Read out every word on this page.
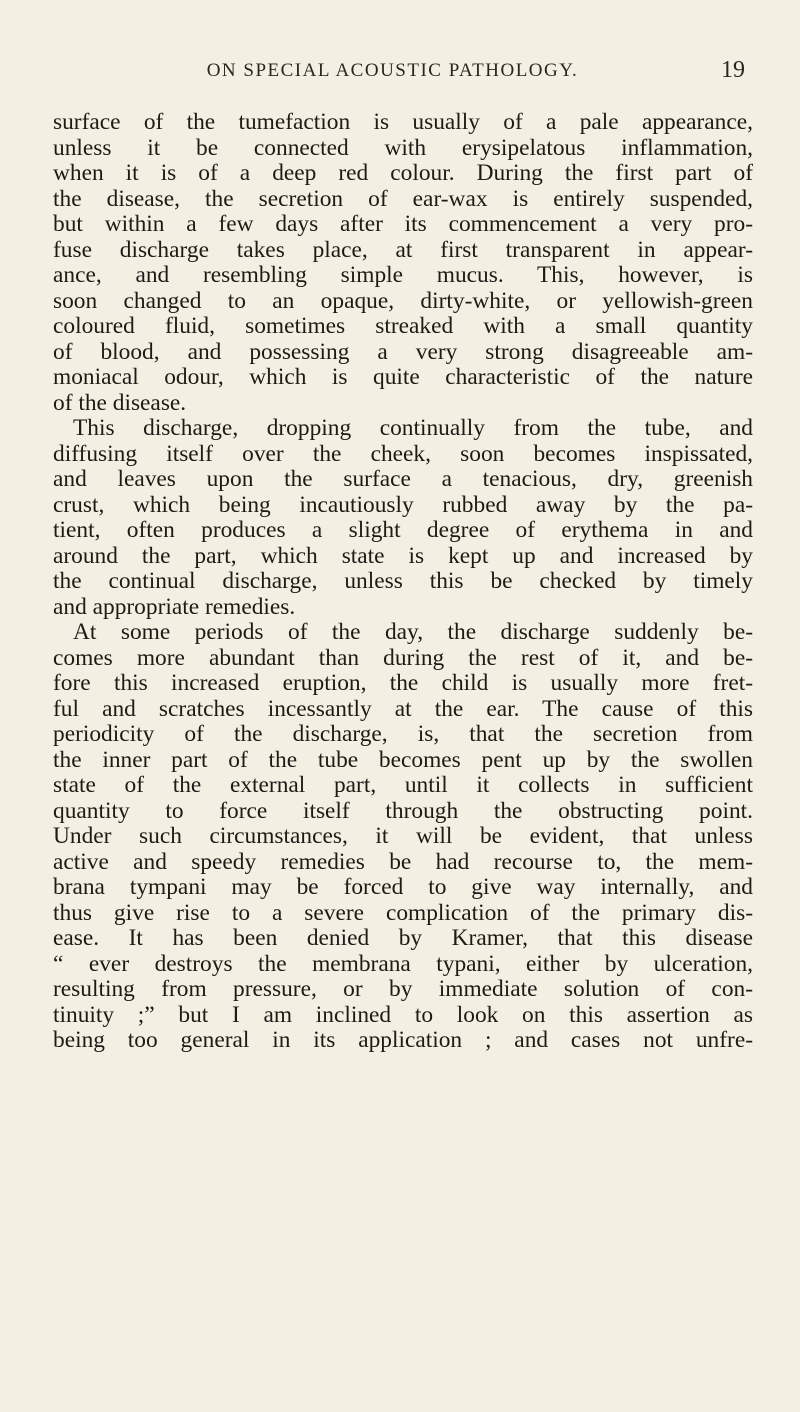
ON SPECIAL ACOUSTIC PATHOLOGY.	19
surface of the tumefaction is usually of a pale appearance,
unless it be connected with erysipelatous inflammation,
when it is of a deep red colour. During the first part of
the disease, the secretion of ear-wax is entirely suspended,
but within a few days after its commencement a very pro-
fuse discharge takes place, at first transparent in appear-
ance, and resembling simple mucus. This, however, is
soon changed to an opaque, dirty-white, or yellowish-green
coloured fluid, sometimes streaked with a small quantity
of blood, and possessing a very strong disagreeable am-
moniacal odour, which is quite characteristic of the nature
of the disease.
This discharge, dropping continually from the tube, and
diffusing itself over the cheek, soon becomes inspissated,
and leaves upon the surface a tenacious, dry, greenish
crust, which being incautiously rubbed away by the pa-
tient, often produces a slight degree of erythema in and
around the part, which state is kept up and increased by
the continual discharge, unless this be checked by timely
and appropriate remedies.
At some periods of the day, the discharge suddenly be-
comes more abundant than during the rest of it, and be-
fore this increased eruption, the child is usually more fret-
ful and scratches incessantly at the ear. The cause of this
periodicity of the discharge, is, that the secretion from
the inner part of the tube becomes pent up by the swollen
state of the external part, until it collects in sufficient
quantity to force itself through the obstructing point.
Under such circumstances, it will be evident, that unless
active and speedy remedies be had recourse to, the mem-
brana tympani may be forced to give way internally, and
thus give rise to a severe complication of the primary dis-
ease. It has been denied by Kramer, that this disease
“ ever destroys the membrana typani, either by ulceration,
resulting from pressure, or by immediate solution of con-
tinuity ;” but I am inclined to look on this assertion as
being too general in its application ; and cases not unfre-
